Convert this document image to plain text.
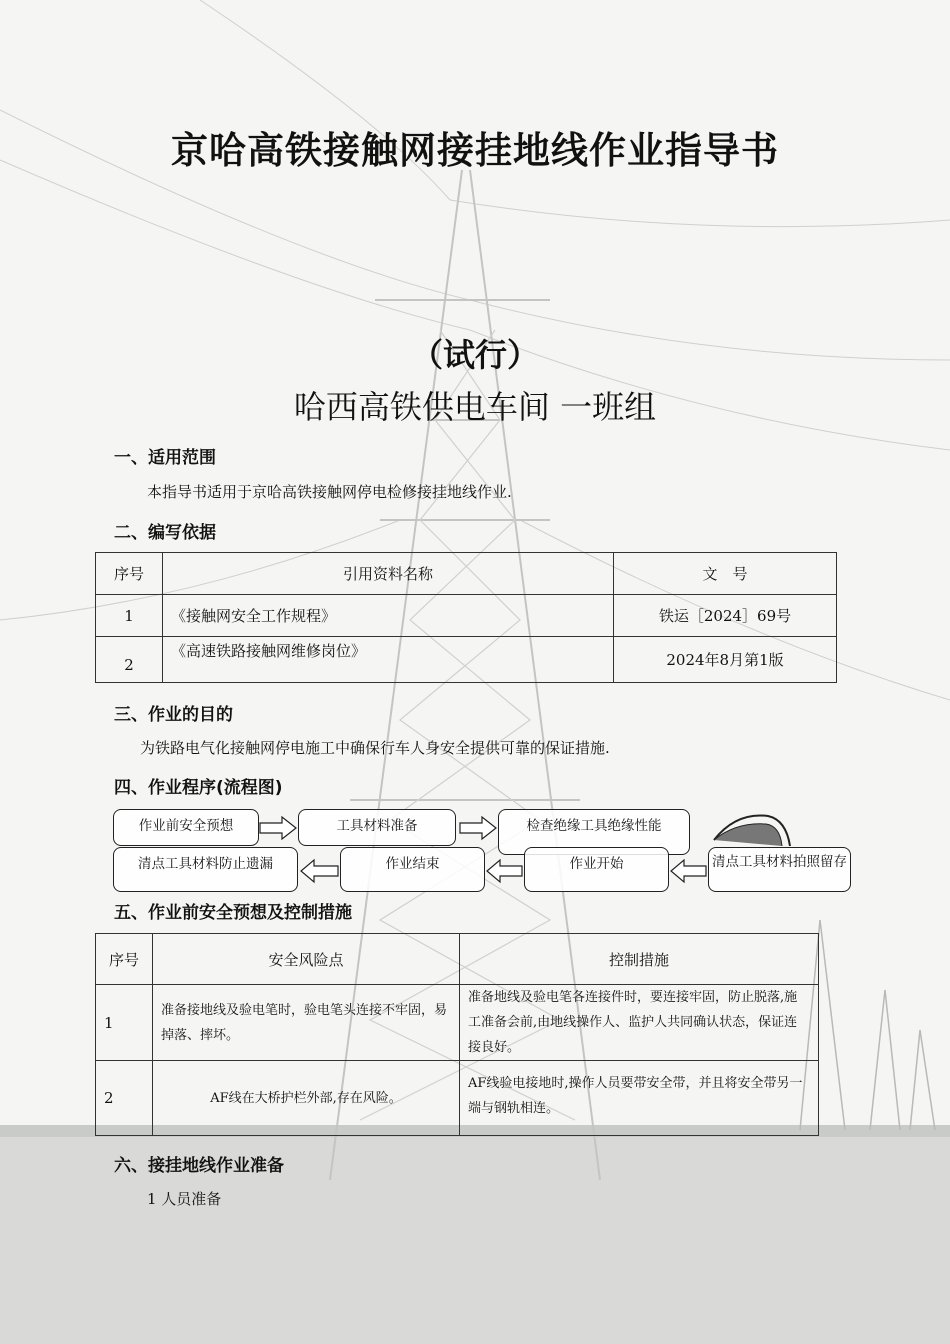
京哈高铁接触网接挂地线作业指导书
（试行）
哈西高铁供电车间 一班组
一、适用范围
本指导书适用于京哈高铁接触网停电检修接挂地线作业.
二、编写依据
序号	引用资料名称	文　号
1	《接触网安全工作规程》	铁运［2024］69号
2	《高速铁路接触网维修岗位》	2024年8月第1版
三、作业的目的
为铁路电气化接触网停电施工中确保行车人身安全提供可靠的保证措施.
四、作业程序(流程图)
作业前安全预想	工具材料准备	检查绝缘工具绝缘性能
清点工具材料拍照留存
作业开始
作业结束
清点工具材料防止遗漏
五、作业前安全预想及控制措施
序号	安全风险点	控制措施
1	准备接地线及验电笔时，验电笔头连接不牢固，易掉落、摔坏。	准备地线及验电笔各连接件时，要连接牢固，防止脱落,施工准备会前,由地线操作人、监护人共同确认状态，保证连接良好。
2	AF线在大桥护栏外部,存在风险。	AF线验电接地时,操作人员要带安全带，并且将安全带另一端与钢轨相连。
六、接挂地线作业准备
1 人员准备
